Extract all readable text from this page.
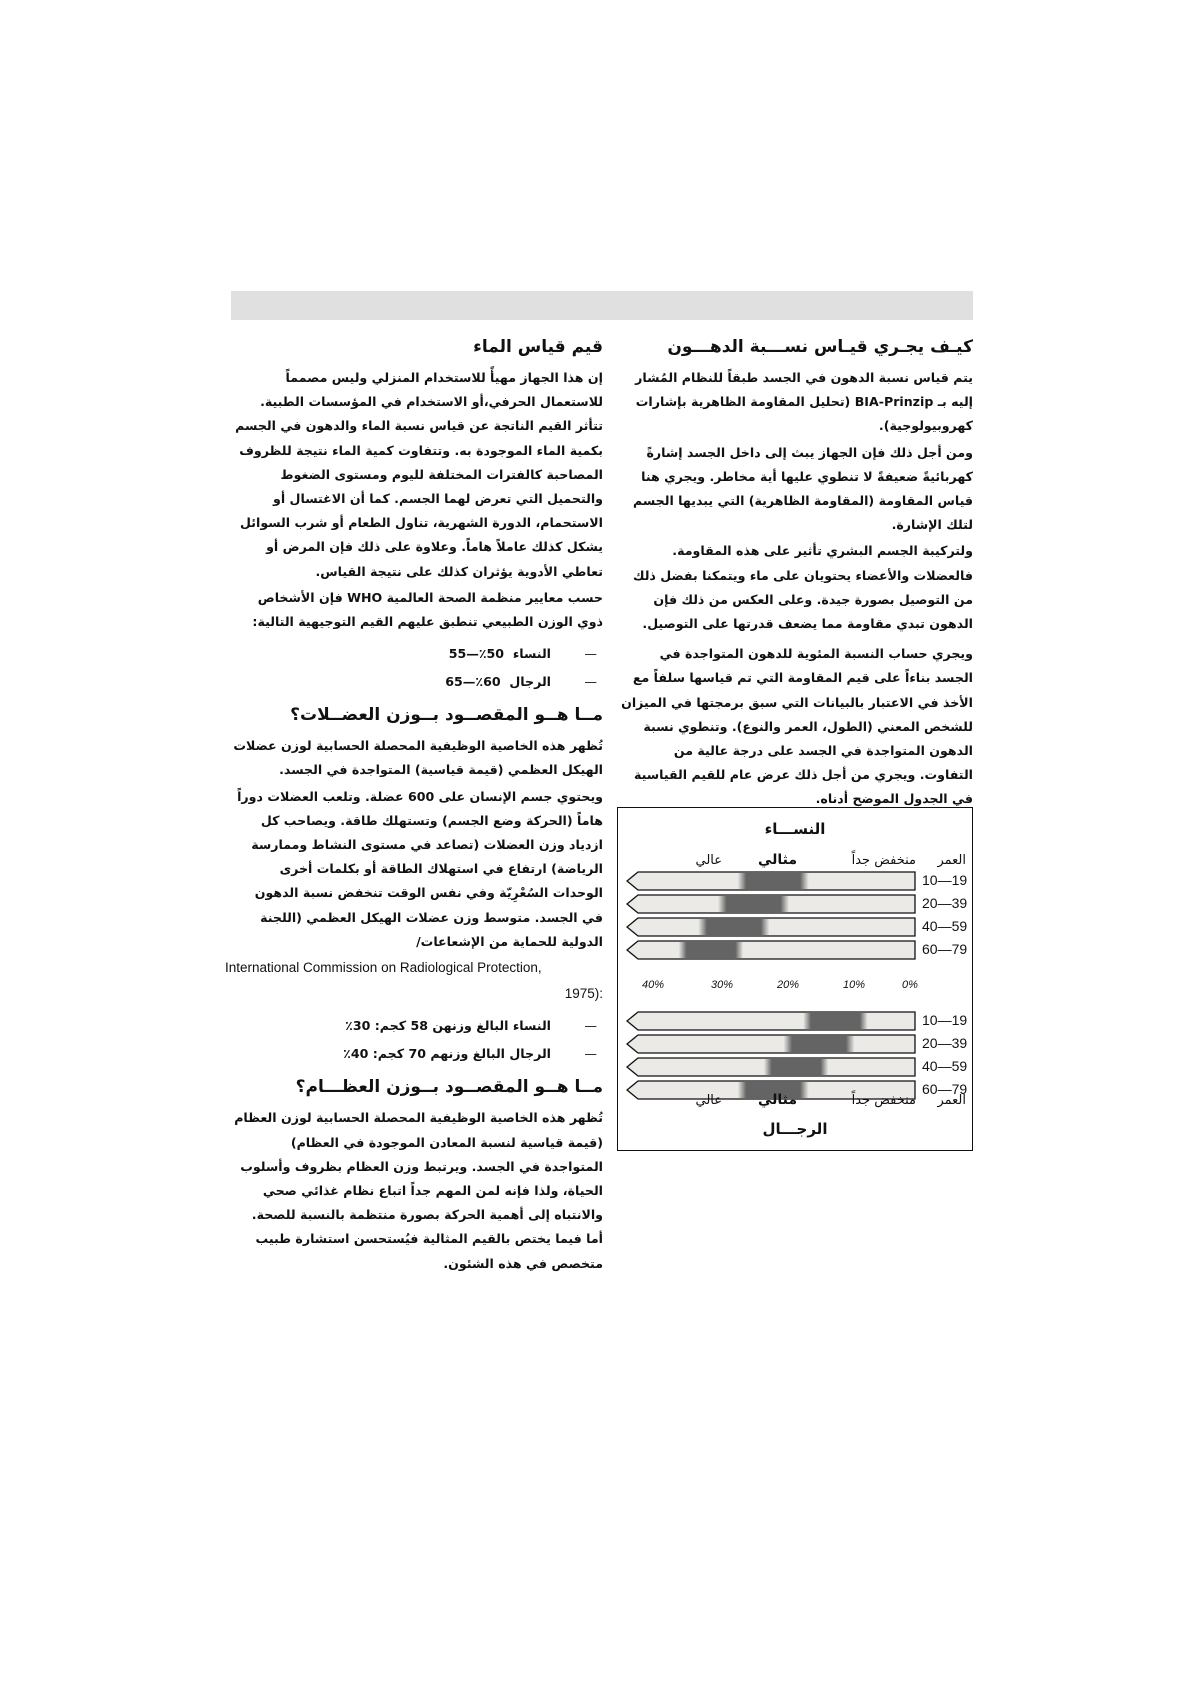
كيـف يجـري قيـاس نســـبة الدهـــون

يتم قياس نسبة الدهون في الجسد طبقاً للنظام المُشار إليه بـ BIA-Prinzip (تحليل المقاومة الظاهرية بإشارات كهروبيولوجية).

ومن أجل ذلك فإن الجهاز يبث إلى داخل الجسد إشارةً كهربائيةً ضعيفةً لا تنطوي عليها أية مخاطر. ويجري هنا قياس المقاومة (المقاومة الظاهرية) التي يبديها الجسم لتلك الإشارة.

ولتركيبة الجسم البشري تأثير على هذه المقاومة. فالعضلات والأعضاء يحتويان على ماء ويتمكنا بفضل ذلك من التوصيل بصورة جيدة. وعلى العكس من ذلك فإن الدهون تبدي مقاومة مما يضعف قدرتها على التوصيل.

ويجري حساب النسبة المئوية للدهون المتواجدة في الجسد بناءاً على قيم المقاومة التي تم قياسها سلفاً مع الأخذ في الاعتبار بالبيانات التي سبق برمجتها في الميزان للشخص المعني (الطول، العمر والنوع). وتنطوي نسبة الدهون المتواجدة في الجسد على درجة عالية من التفاوت. ويجري من أجل ذلك عرض عام للقيم القياسية في الجدول الموضح أدناه.

النســـاء
العمر
منخفض جداً
مثالي
عالي
10—19
20—39
40—59
60—79
40%	30%	20%	10%	0%
10—19
20—39
40—59
60—79
العمر
منخفض جداً
مثالي
عالي
الرجـــال
قيم قياس الماء

إن هذا الجهاز مهيأً للاستخدام المنزلي وليس مصمماً للاستعمال الحرفي،أو الاستخدام في المؤسسات الطبية. تتأثر القيم الناتجة عن قياس نسبة الماء والدهون في الجسم بكمية الماء الموجودة به. وتتفاوت كمية الماء نتيجة للظروف المصاحبة كالفترات المختلفة لليوم ومستوى الضغوط والتحميل التي تعرض لهما الجسم. كما أن الاغتسال أو الاستحمام، الدورة الشهرية، تناول الطعام أو شرب السوائل يشكل كذلك عاملاً هاماً. وعلاوة على ذلك فإن المرض أو تعاطي الأدوية يؤثران كذلك على نتيجة القياس.

حسب معايير منظمة الصحة العالمية WHO فإن الأشخاص ذوي الوزن الطبيعي تنطبق عليهم القيم التوجيهية التالية:

— النساء  50٪—55
— الرجال  60٪—65
مــا هــو المقصــود بــوزن العضــلات؟

تُظهر هذه الخاصية الوظيفية المحصلة الحسابية لوزن عضلات الهيكل العظمي (قيمة قياسية) المتواجدة في الجسد.

ويحتوي جسم الإنسان على 600 عضلة. وتلعب العضلات دوراً هاماً (الحركة وضع الجسم) وتستهلك طاقة. ويصاحب كل ازدياد وزن العضلات (تصاعد في مستوى النشاط وممارسة الرياضة) ارتفاع في استهلاك الطاقة أو بكلمات أخرى الوحدات السُعْرِيّة وفي نفس الوقت تنخفض نسبة الدهون في الجسد. متوسط وزن عضلات الهيكل العظمي (اللجنة الدولية للحماية من الإشعاعات/

International Commission on Radiological Protection,

1975):

— النساء البالغ وزنهن 58 كجم: 30٪
— الرجال البالغ وزنهم 70 كجم: 40٪
مــا هــو المقصــود بــوزن العظـــام؟

تُظهر هذه الخاصية الوظيفية المحصلة الحسابية لوزن العظام (قيمة قياسية لنسبة المعادن الموجودة في العظام) المتواجدة في الجسد. ويرتبط وزن العظام بظروف وأسلوب الحياة، ولذا فإنه لمن المهم جداً اتباع نظام غذائي صحي والانتباه إلى أهمية الحركة بصورة منتظمة بالنسبة للصحة. أما فيما يختص بالقيم المثالية فيُستحسن استشارة طبيب متخصص في هذه الشئون.
